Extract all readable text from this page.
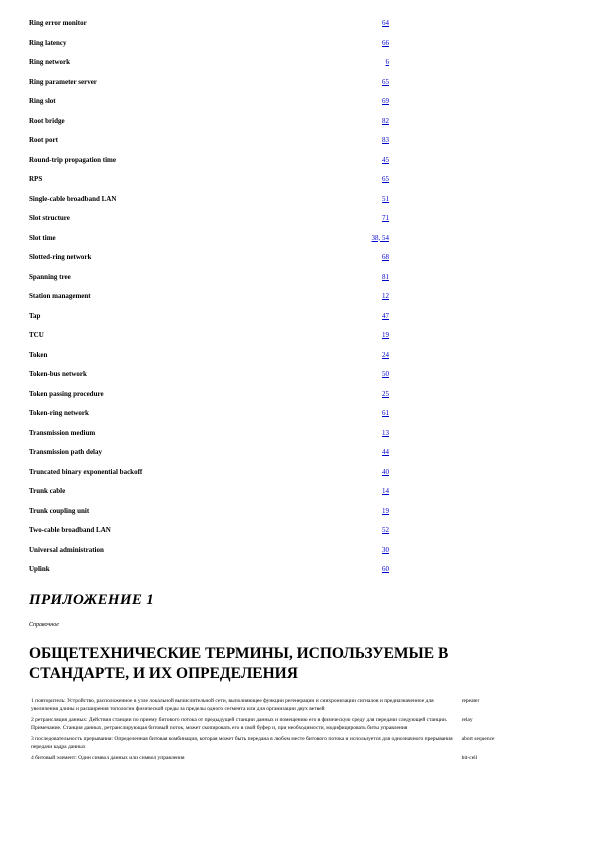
Ring error monitor	64
Ring latency	66
Ring network	6
Ring parameter server	65
Ring slot	69
Root bridge	82
Root port	83
Round-trip propagation time	45
RPS	65
Single-cable broadband LAN	51
Slot structure	71
Slot time	38, 54
Slotted-ring network	68
Spanning tree	81
Station management	12
Tap	47
TCU	19
Token	24
Token-bus network	50
Token passing procedure	25
Token-ring network	61
Transmission medium	13
Transmission path delay	44
Truncated binary exponential backoff	40
Trunk cable	14
Trunk coupling unit	19
Two-cable broadband LAN	52
Universal administration	30
Uplink	60
ПРИЛОЖЕНИЕ 1

Справочное

ОБЩЕТЕХНИЧЕСКИЕ ТЕРМИНЫ, ИСПОЛЬЗУЕМЫЕ В СТАНДАРТЕ, И ИХ ОПРЕДЕЛЕНИЯ
1 повторитель: Устройство, расположенное в узле локальной вычислительной сети, выполняющее функции регенерации и синхронизации сигналов и предназначенное для увеличения длины и расширения топологии физической среды за пределы одного сегмента или для организации двух ветвей	repeater
2 ретрансляция данных: Действия станции по приему битового потока от предыдущей станции данных и помещению его в физическую среду для передачи следующей станции. Примечание. Станция данных, ретранслирующая битовый поток, может скопировать его в свой буфер и, при необходимости, модифицировать биты управления	relay
3 последовательность прерывания: Определенная битовая комбинация, которая может быть передана в любом месте битового потока и используется для однозначного прерывания передачи кадра данных	abort sequence
4 битовый элемент: Один символ данных или символ управления	bit-cell
